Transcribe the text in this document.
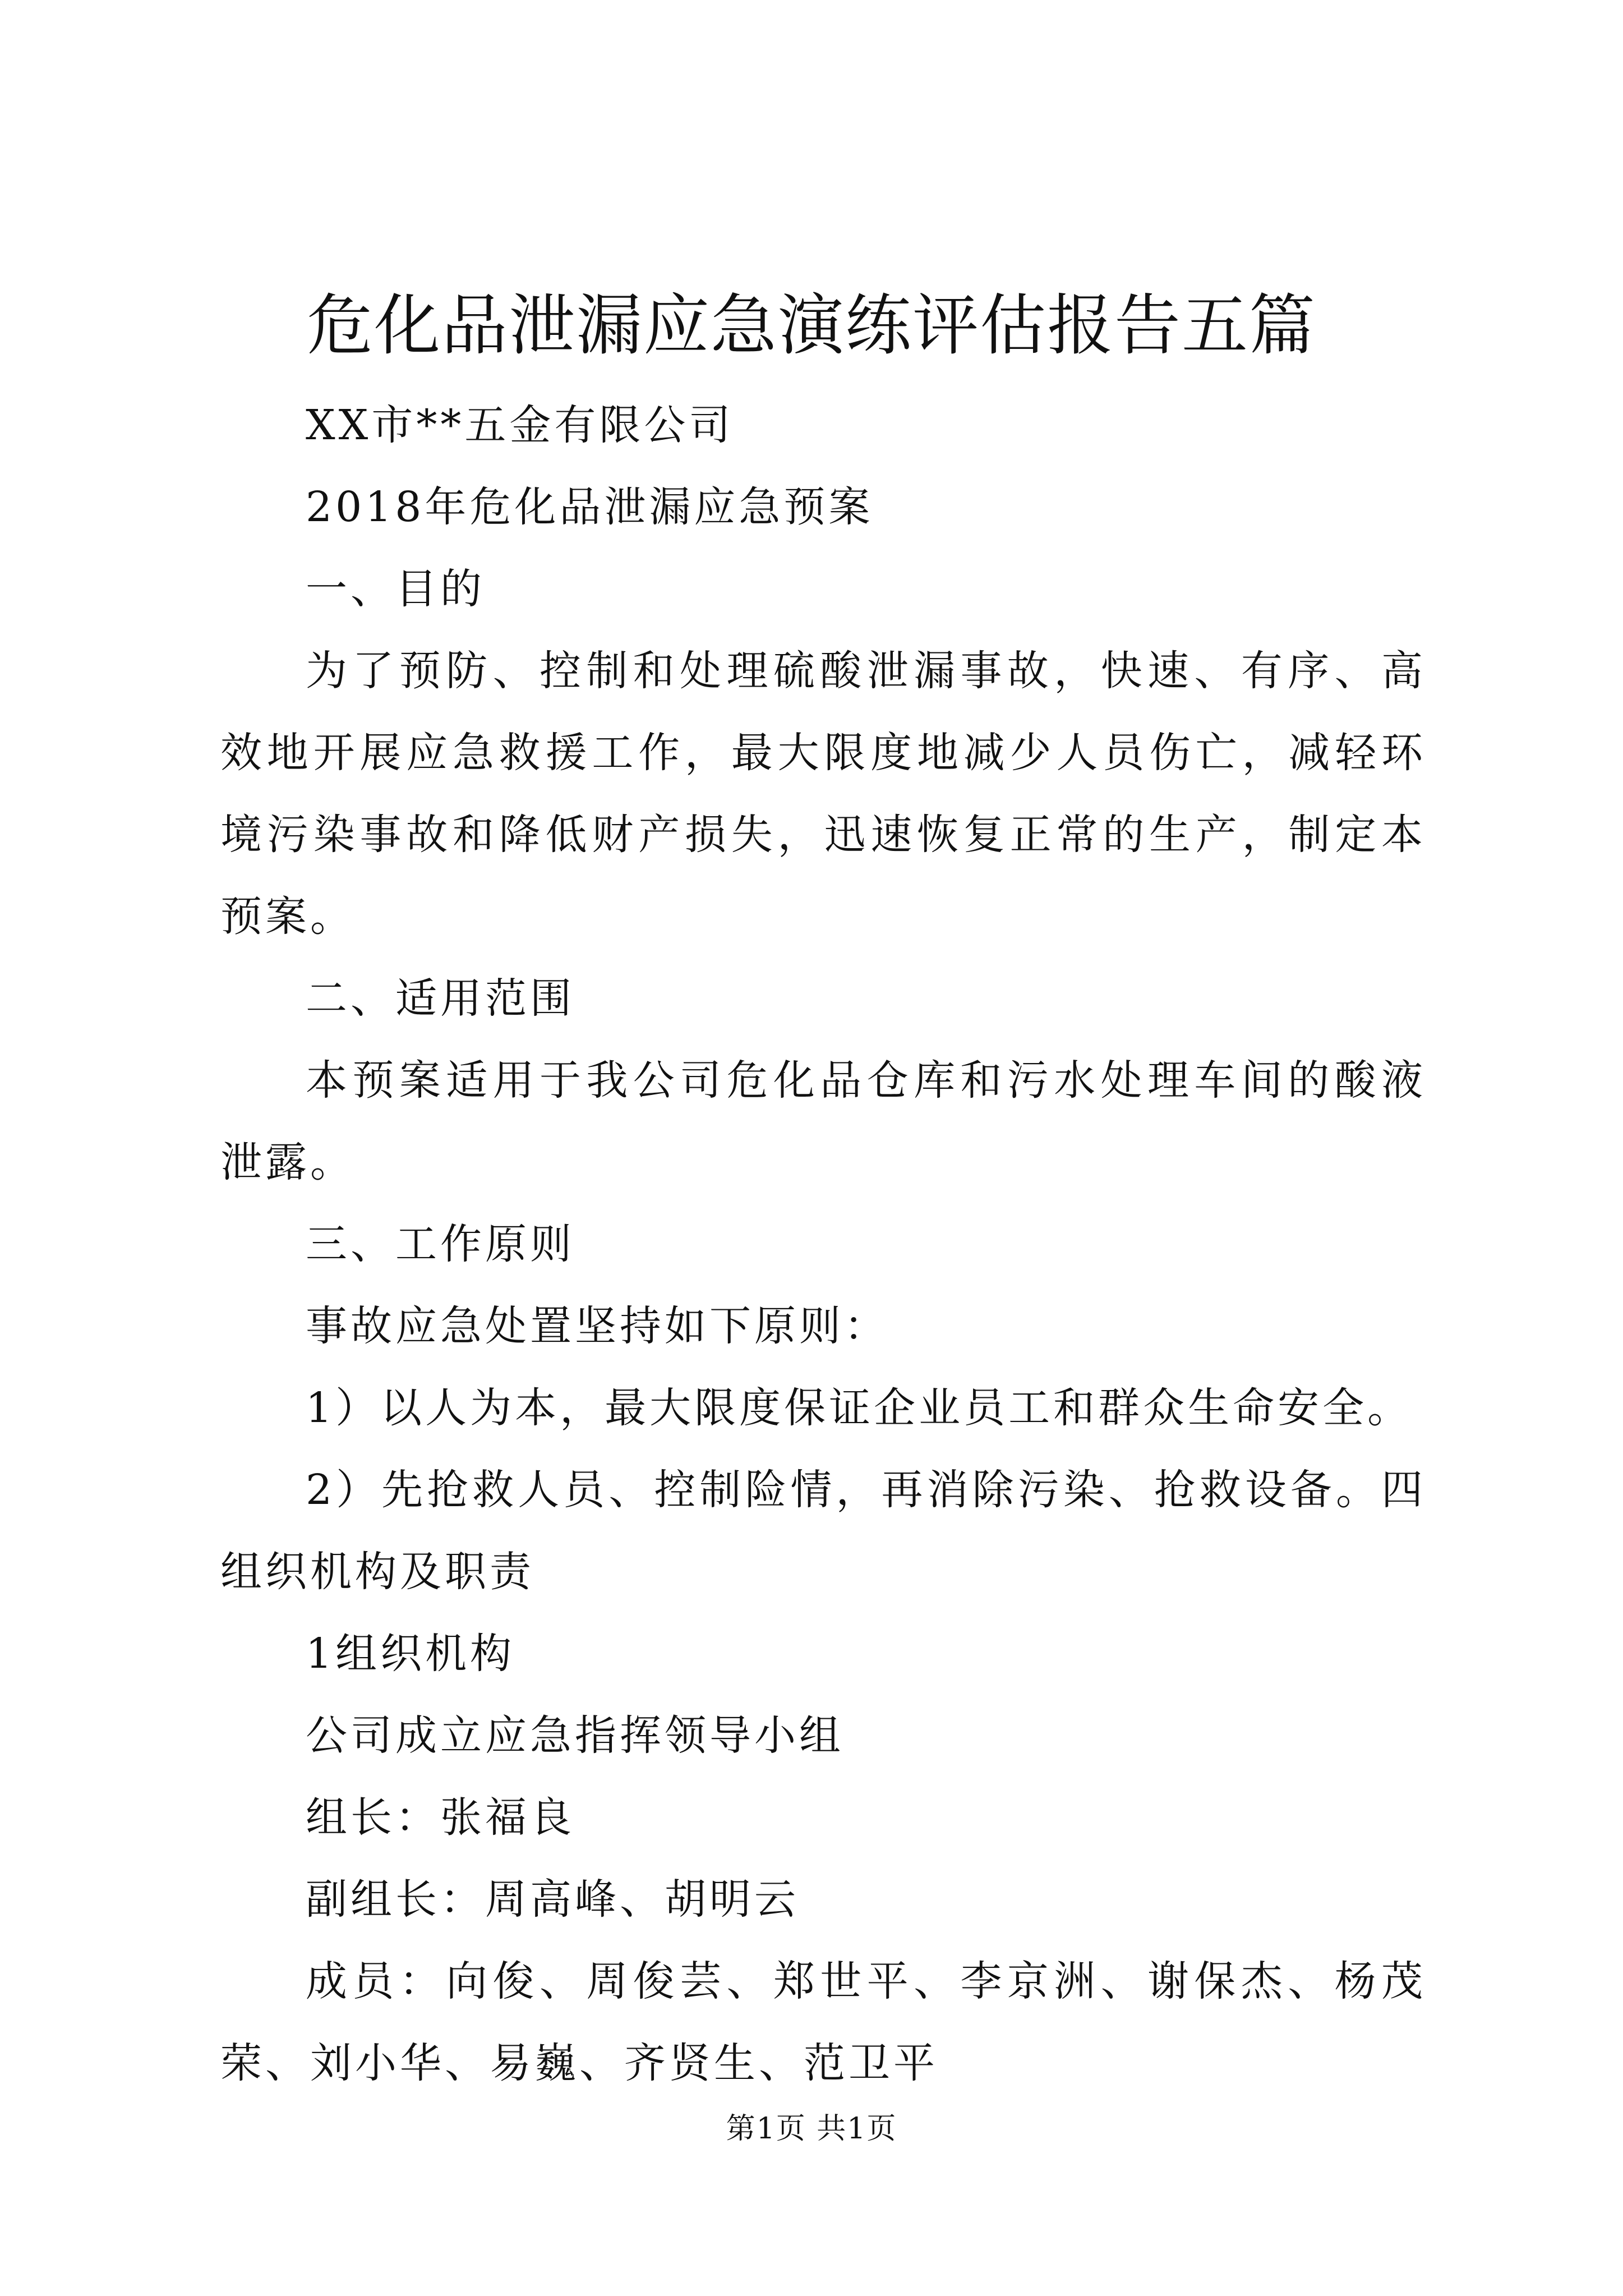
危化品泄漏应急演练评估报告五篇

XX市**五金有限公司

2018年危化品泄漏应急预案

一、目的

为了预防、控制和处理硫酸泄漏事故，快速、有序、高效地开展应急救援工作，最大限度地减少人员伤亡，减轻环境污染事故和降低财产损失，迅速恢复正常的生产，制定本预案。

二、适用范围

本预案适用于我公司危化品仓库和污水处理车间的酸液泄露。

三、工作原则

事故应急处置坚持如下原则：

1）以人为本，最大限度保证企业员工和群众生命安全。

2）先抢救人员、控制险情，再消除污染、抢救设备。四组织机构及职责

1组织机构

公司成立应急指挥领导小组

组长：张福良

副组长：周高峰、胡明云

成员：向俊、周俊芸、郑世平、李京洲、谢保杰、杨茂荣、刘小华、易巍、齐贤生、范卫平

第1页 共1页
